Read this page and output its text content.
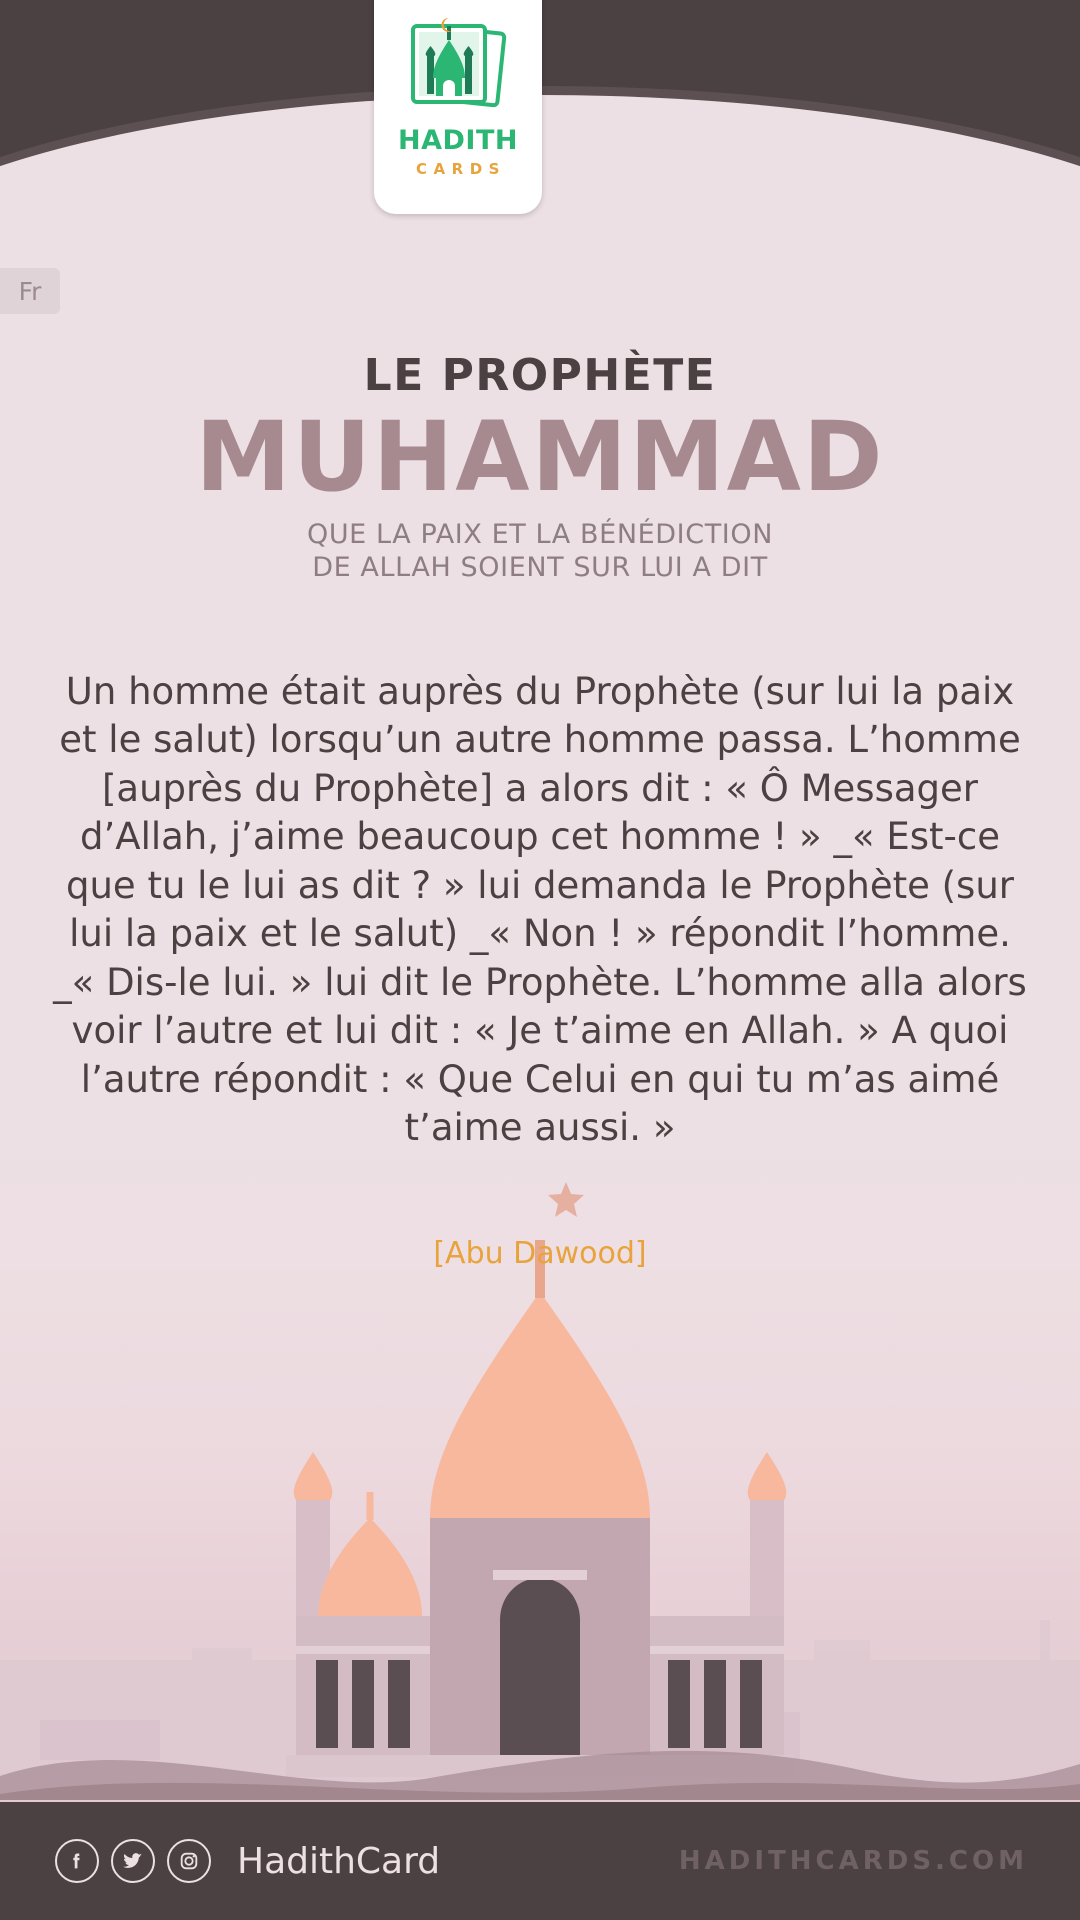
HADITH
CARDS
Fr
LE PROPHÈTE
MUHAMMAD
QUE LA PAIX ET LA BÉNÉDICTION
DE ALLAH SOIENT SUR LUI A DIT
Un homme était auprès du Prophète (sur lui la paix et le salut) lorsqu’un autre homme passa. L’homme [auprès du Prophète] a alors dit : « Ô Messager d’Allah, j’aime beaucoup cet homme ! » _« Est-ce que tu le lui as dit ? » lui demanda le Prophète (sur lui la paix et le salut) _« Non ! » répondit l’homme. _« Dis-le lui. » lui dit le Prophète. L’homme alla alors voir l’autre et lui dit : « Je t’aime en Allah. » A quoi l’autre répondit : « Que Celui en qui tu m’as aimé t’aime aussi. »
[Abu Dawood]
HadithCard	HADITHCARDS.COM
